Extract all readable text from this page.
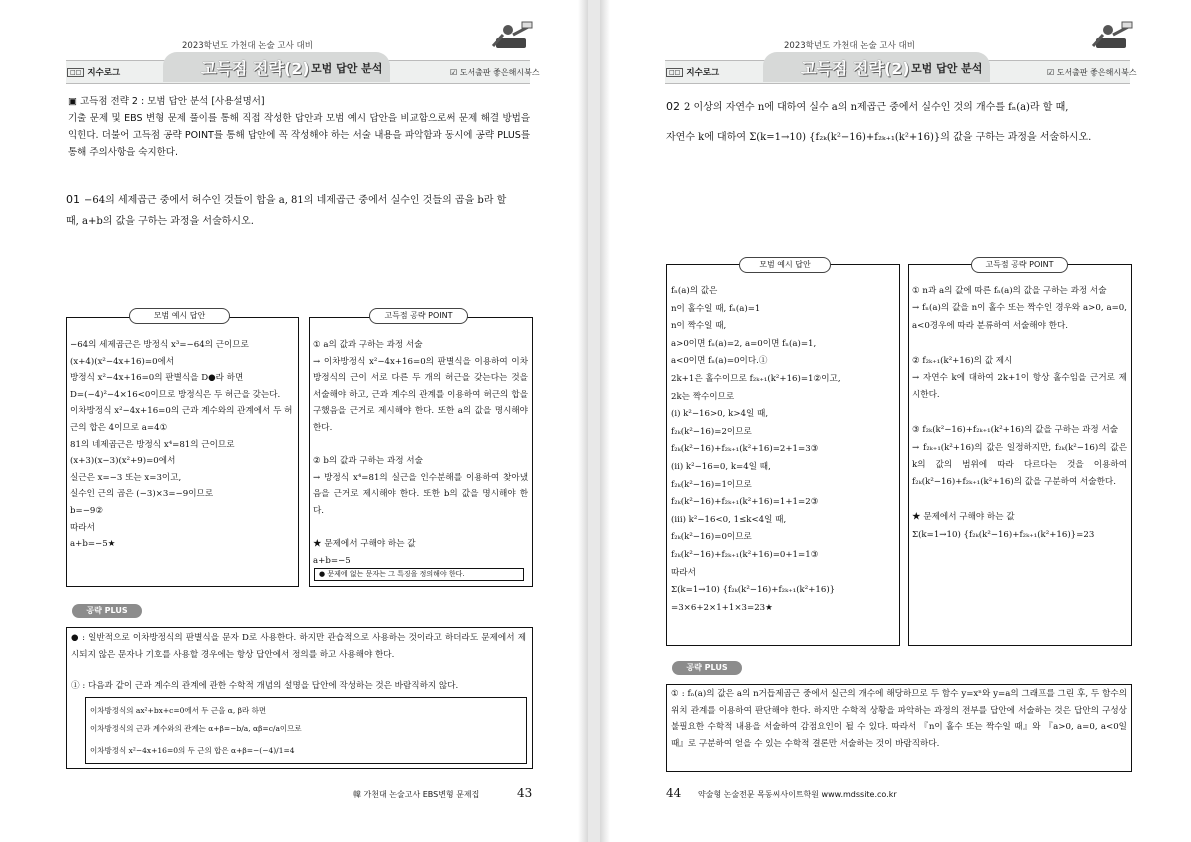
2023학년도 가천대 논술 고사 대비
□□ 지수로그	고득점 전략(2) 모범 답안 분석	☑ 도서출판 좋은해시북스
▣ 고득점 전략 2 : 모범 답안 분석 [사용설명서]
기출 문제 및 EBS 변형 문제 풀이를 통해 직접 작성한 답안과 모범 예시 답안을 비교함으로써 문제 해결 방법을 익힌다. 더불어 고득점 공략 POINT를 통해 답안에 꼭 작성해야 하는 서술 내용을 파악함과 동시에 공략 PLUS를 통해 주의사항을 숙지한다.
01 −64의 세제곱근 중에서 허수인 것들이 합을 a, 81의 네제곱근 중에서 실수인 것들의 곱을 b라 할
때, a+b의 값을 구하는 과정을 서술하시오.
모범 예시 답안
−64의 세제곱근은 방정식 x³=−64의 근이므로
(x+4)(x²−4x+16)=0에서
방정식 x²−4x+16=0의 판별식을 D●라 하면
D=(−4)²−4×16<0이므로 방정식은 두 허근을 갖는다.
이차방정식 x²−4x+16=0의 근과 계수와의 관계에서 두 허근의 합은 4이므로 a=4①
81의 네제곱근은 방정식 x⁴=81의 근이므로
(x+3)(x−3)(x²+9)=0에서
실근은 x=−3 또는 x=3이고,
실수인 근의 곱은 (−3)×3=−9이므로
b=−9②
따라서
a+b=−5★
고득점 공략 POINT
① a의 값과 구하는 과정 서술
→ 이차방정식 x²−4x+16=0의 판별식을 이용하여 이차방정식의 근이 서로 다른 두 개의 허근을 갖는다는 것을 서술해야 하고, 근과 계수의 관계를 이용하여 허근의 합을 구했음을 근거로 제시해야 한다. 또한 a의 값을 명시해야 한다.

② b의 값과 구하는 과정 서술
→ 방정식 x⁴=81의 실근을 인수분해를 이용하여 찾아냈음을 근거로 제시해야 한다. 또한 b의 값을 명시해야 한다.

★ 문제에서 구해야 하는 값
a+b=−5
● 문제에 없는 문자는 그 특징을 정의해야 한다.
공략 PLUS
● : 일반적으로 이차방정식의 판별식을 문자 D로 사용한다. 하지만 관습적으로 사용하는 것이라고 하더라도 문제에서 제시되지 않은 문자나 기호를 사용할 경우에는 항상 답안에서 정의를 하고 사용해야 한다.
① : 다음과 같이 근과 계수의 관계에 관한 수학적 개념의 설명을 답안에 작성하는 것은 바람직하지 않다.
이차방정식의 ax²+bx+c=0에서 두 근을 α, β라 하면
이차방정식의 근과 계수와의 관계는 α+β=−b/a, αβ=c/a이므로
이차방정식 x²−4x+16=0의 두 근의 합은 α+β=−(−4)/1=4
韓 가천대 논술고사 EBS변형 문제집	43
2023학년도 가천대 논술 고사 대비
□□ 지수로그	고득점 전략(2) 모범 답안 분석	☑ 도서출판 좋은해시북스
02 2 이상의 자연수 n에 대하여 실수 a의 n제곱근 중에서 실수인 것의 개수를 fₙ(a)라 할 때,
자연수 k에 대하여 Σ(k=1→10) {f₂ₖ(k²−16)+f₂ₖ₊₁(k²+16)}의 값을 구하는 과정을 서술하시오.
모범 예시 답안
fₙ(a)의 값은
n이 홀수일 때, fₙ(a)=1
n이 짝수일 때,
a>0이면 fₙ(a)=2, a=0이면 fₙ(a)=1,
a<0이면 fₙ(a)=0이다.①
2k+1은 홀수이므로 f₂ₖ₊₁(k²+16)=1②이고,
2k는 짝수이므로
(ⅰ) k²−16>0, k>4일 때,
f₂ₖ(k²−16)=2이므로
f₂ₖ(k²−16)+f₂ₖ₊₁(k²+16)=2+1=3③
(ⅱ) k²−16=0, k=4일 때,
f₂ₖ(k²−16)=1이므로
f₂ₖ(k²−16)+f₂ₖ₊₁(k²+16)=1+1=2③
(ⅲ) k²−16<0, 1≤k<4일 때,
f₂ₖ(k²−16)=0이므로
f₂ₖ(k²−16)+f₂ₖ₊₁(k²+16)=0+1=1③
따라서
Σ(k=1→10) {f₂ₖ(k²−16)+f₂ₖ₊₁(k²+16)}
=3×6+2×1+1×3=23★
고득점 공략 POINT
① n과 a의 값에 따른 fₙ(a)의 값을 구하는 과정 서술
→ fₙ(a)의 값을 n이 홀수 또는 짝수인 경우와 a>0, a=0, a<0경우에 따라 분류하여 서술해야 한다.

② f₂ₖ₊₁(k²+16)의 값 제시
→ 자연수 k에 대하여 2k+1이 항상 홀수임을 근거로 제시한다.

③ f₂ₖ(k²−16)+f₂ₖ₊₁(k²+16)의 값을 구하는 과정 서술
→ f₂ₖ₊₁(k²+16)의 값은 일정하지만, f₂ₖ(k²−16)의 값은 k의 값의 범위에 따라 다르다는 것을 이용하여 f₂ₖ(k²−16)+f₂ₖ₊₁(k²+16)의 값을 구분하여 서술한다.

★ 문제에서 구해야 하는 값
Σ(k=1→10) {f₂ₖ(k²−16)+f₂ₖ₊₁(k²+16)}=23
공략 PLUS
① : fₙ(a)의 값은 a의 n거듭제곱근 중에서 실근의 개수에 해당하므로 두 함수 y=xⁿ와 y=a의 그래프를 그린 후, 두 함수의 위치 관계를 이용하여 판단해야 한다. 하지만 수학적 상황을 파악하는 과정의 전부를 답안에 서술하는 것은 답안의 구성상 불필요한 수학적 내용을 서술하여 감점요인이 될 수 있다. 따라서 『n이 홀수 또는 짝수일 때』와 『a>0, a=0, a<0일 때』로 구분하여 얻을 수 있는 수학적 결론만 서술하는 것이 바람직하다.
44 약술형 논술전문 목동씨사이트학원 www.mdssite.co.kr
